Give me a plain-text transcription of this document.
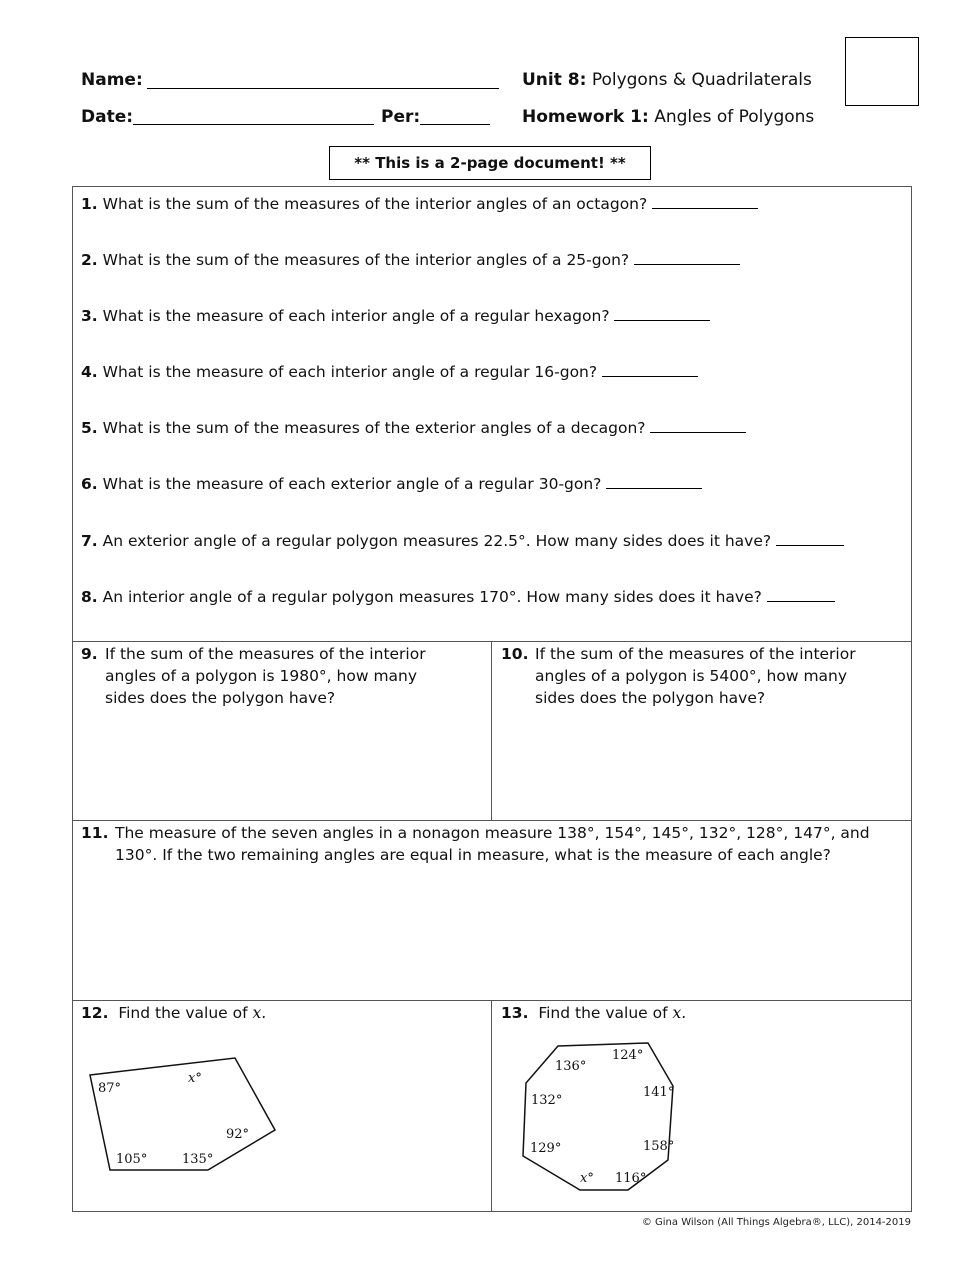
Name:
Date:	Per:
Unit 8: Polygons & Quadrilaterals
Homework 1: Angles of Polygons
** This is a 2-page document! **
1. What is the sum of the measures of the interior angles of an octagon?
2. What is the sum of the measures of the interior angles of a 25-gon?
3. What is the measure of each interior angle of a regular hexagon?
4. What is the measure of each interior angle of a regular 16-gon?
5. What is the sum of the measures of the exterior angles of a decagon?
6. What is the measure of each exterior angle of a regular 30-gon?
7. An exterior angle of a regular polygon measures 22.5°. How many sides does it have?
8. An interior angle of a regular polygon measures 170°. How many sides does it have?
9. If the sum of the measures of the interior angles of a polygon is 1980°, how many sides does the polygon have?
10. If the sum of the measures of the interior angles of a polygon is 5400°, how many sides does the polygon have?
11. The measure of the seven angles in a nonagon measure 138°, 154°, 145°, 132°, 128°, 147°, and 130°. If the two remaining angles are equal in measure, what is the measure of each angle?
12. Find the value of x.	13. Find the value of x.
87°
x°
92°
135°
105°
136°
124°
141°
158°
116°
x°
129°
132°
© Gina Wilson (All Things Algebra®, LLC), 2014-2019
